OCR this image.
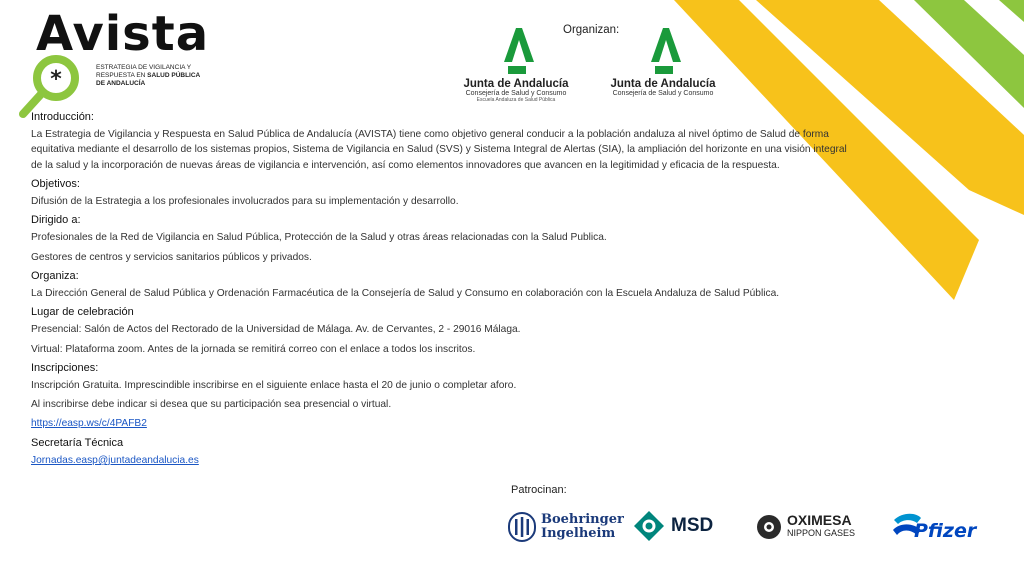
Avista
*	ESTRATEGIA DE VIGILANCIA Y
RESPUESTA EN SALUD PÚBLICA
DE ANDALUCÍA
Organizan:
Junta de Andalucía
Consejería de Salud y Consumo
Escuela Andaluza de Salud Pública
Junta de Andalucía
Consejería de Salud y Consumo
Introducción:
La Estrategia de Vigilancia y Respuesta en Salud Pública de Andalucía (AVISTA) tiene como objetivo general conducir a la población andaluza al nivel óptimo de Salud de forma equitativa mediante el desarrollo de los sistemas propios, Sistema de Vigilancia en Salud (SVS) y Sistema Integral de Alertas (SIA), la ampliación del horizonte en una visión integral de la salud y la incorporación de nuevas áreas de vigilancia e intervención, así como elementos innovadores que avancen en la legitimidad y eficacia de la respuesta.
Objetivos:
Difusión de la Estrategia a los profesionales involucrados para su implementación y desarrollo.
Dirigido a:
Profesionales de la Red de Vigilancia en Salud Pública, Protección de la Salud y otras áreas relacionadas con la Salud Publica.
Gestores de centros y servicios sanitarios públicos y privados.
Organiza:
La Dirección General de Salud Pública y Ordenación Farmacéutica de la Consejería de Salud y Consumo en colaboración con la Escuela Andaluza de Salud Pública.
Lugar de celebración
Presencial: Salón de Actos del Rectorado de la Universidad de Málaga. Av. de Cervantes, 2 - 29016 Málaga.
Virtual: Plataforma zoom. Antes de la jornada se remitirá correo con el enlace a todos los inscritos.
Inscripciones:
Inscripción Gratuita. Imprescindible inscribirse en el siguiente enlace hasta el 20 de junio o completar aforo.
Al inscribirse debe indicar si desea que su participación sea presencial o virtual.
https://easp.ws/c/4PAFB2
Secretaría Técnica
Jornadas.easp@juntadeandalucia.es
Patrocinan:
Boehringer
Ingelheim	MSD	OXIMESA
NIPPON GASES	Pfizer
